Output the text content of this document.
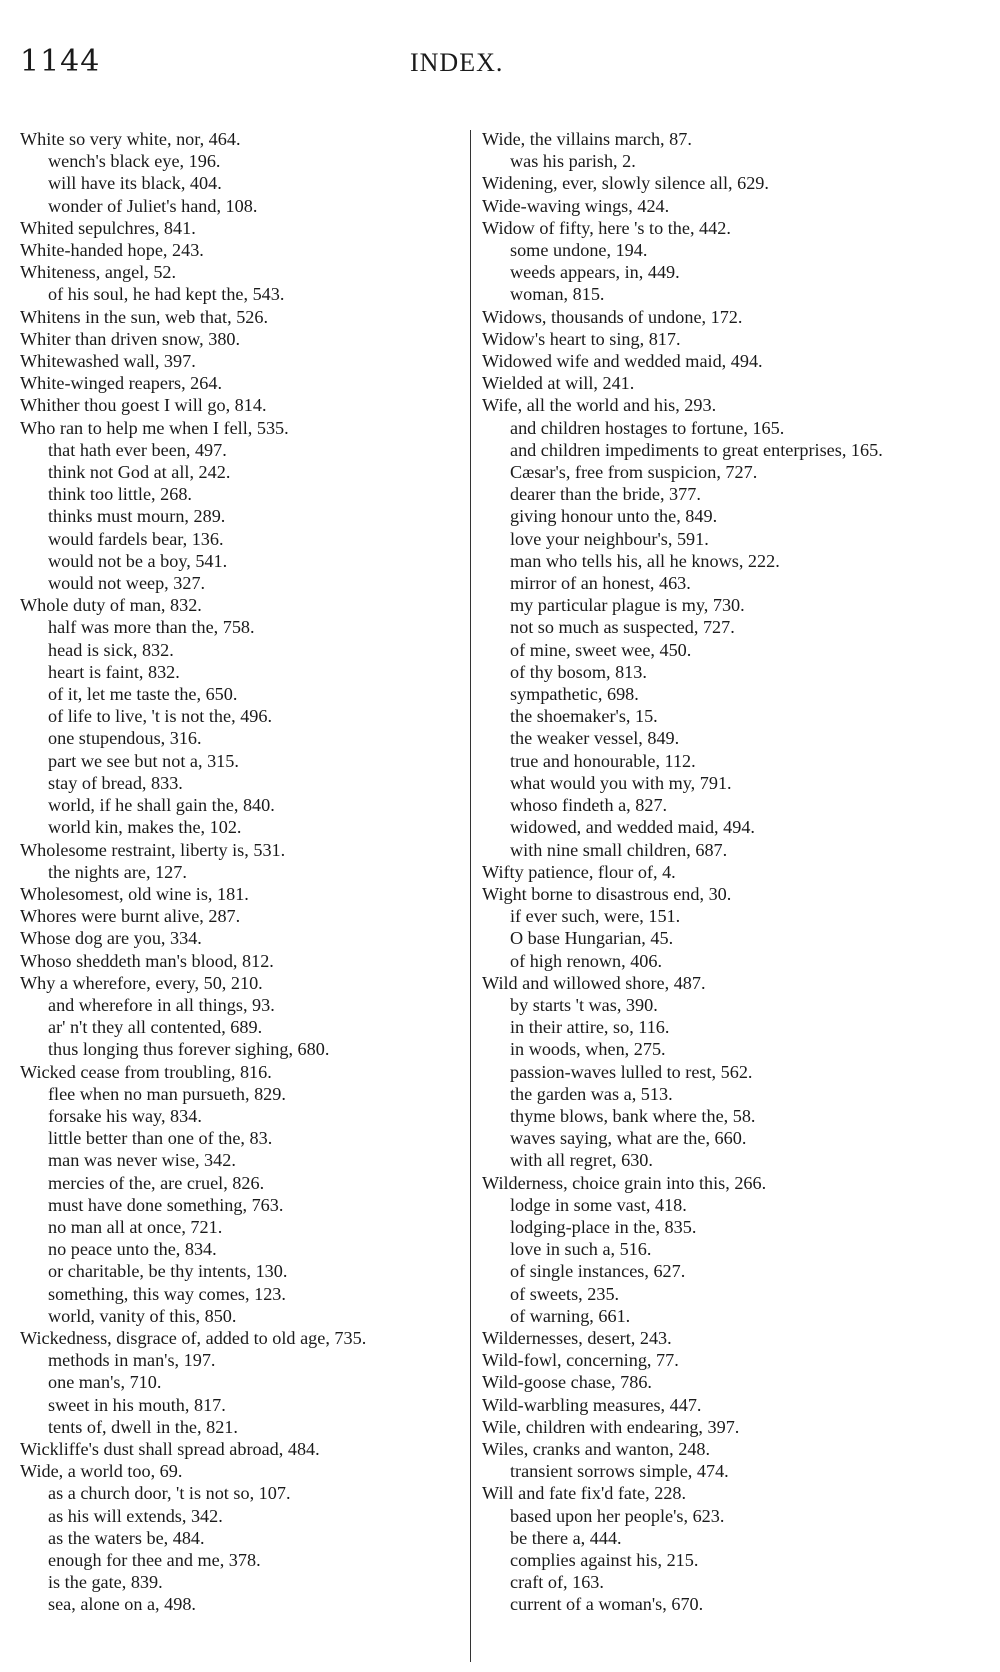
1144	INDEX.
White so very white, nor, 464.
wench's black eye, 196.
will have its black, 404.
wonder of Juliet's hand, 108.
Whited sepulchres, 841.
White-handed hope, 243.
Whiteness, angel, 52.
of his soul, he had kept the, 543.
Whitens in the sun, web that, 526.
Whiter than driven snow, 380.
Whitewashed wall, 397.
White-winged reapers, 264.
Whither thou goest I will go, 814.
Who ran to help me when I fell, 535.
that hath ever been, 497.
think not God at all, 242.
think too little, 268.
thinks must mourn, 289.
would fardels bear, 136.
would not be a boy, 541.
would not weep, 327.
Whole duty of man, 832.
half was more than the, 758.
head is sick, 832.
heart is faint, 832.
of it, let me taste the, 650.
of life to live, 't is not the, 496.
one stupendous, 316.
part we see but not a, 315.
stay of bread, 833.
world, if he shall gain the, 840.
world kin, makes the, 102.
Wholesome restraint, liberty is, 531.
the nights are, 127.
Wholesomest, old wine is, 181.
Whores were burnt alive, 287.
Whose dog are you, 334.
Whoso sheddeth man's blood, 812.
Why a wherefore, every, 50, 210.
and wherefore in all things, 93.
ar' n't they all contented, 689.
thus longing thus forever sighing, 680.
Wicked cease from troubling, 816.
flee when no man pursueth, 829.
forsake his way, 834.
little better than one of the, 83.
man was never wise, 342.
mercies of the, are cruel, 826.
must have done something, 763.
no man all at once, 721.
no peace unto the, 834.
or charitable, be thy intents, 130.
something, this way comes, 123.
world, vanity of this, 850.
Wickedness, disgrace of, added to old age, 735.
methods in man's, 197.
one man's, 710.
sweet in his mouth, 817.
tents of, dwell in the, 821.
Wickliffe's dust shall spread abroad, 484.
Wide, a world too, 69.
as a church door, 't is not so, 107.
as his will extends, 342.
as the waters be, 484.
enough for thee and me, 378.
is the gate, 839.
sea, alone on a, 498.
Wide, the villains march, 87.
was his parish, 2.
Widening, ever, slowly silence all, 629.
Wide-waving wings, 424.
Widow of fifty, here 's to the, 442.
some undone, 194.
weeds appears, in, 449.
woman, 815.
Widows, thousands of undone, 172.
Widow's heart to sing, 817.
Widowed wife and wedded maid, 494.
Wielded at will, 241.
Wife, all the world and his, 293.
and children hostages to fortune, 165.
and children impediments to great enterprises, 165.
Cæsar's, free from suspicion, 727.
dearer than the bride, 377.
giving honour unto the, 849.
love your neighbour's, 591.
man who tells his, all he knows, 222.
mirror of an honest, 463.
my particular plague is my, 730.
not so much as suspected, 727.
of mine, sweet wee, 450.
of thy bosom, 813.
sympathetic, 698.
the shoemaker's, 15.
the weaker vessel, 849.
true and honourable, 112.
what would you with my, 791.
whoso findeth a, 827.
widowed, and wedded maid, 494.
with nine small children, 687.
Wifty patience, flour of, 4.
Wight borne to disastrous end, 30.
if ever such, were, 151.
O base Hungarian, 45.
of high renown, 406.
Wild and willowed shore, 487.
by starts 't was, 390.
in their attire, so, 116.
in woods, when, 275.
passion-waves lulled to rest, 562.
the garden was a, 513.
thyme blows, bank where the, 58.
waves saying, what are the, 660.
with all regret, 630.
Wilderness, choice grain into this, 266.
lodge in some vast, 418.
lodging-place in the, 835.
love in such a, 516.
of single instances, 627.
of sweets, 235.
of warning, 661.
Wildernesses, desert, 243.
Wild-fowl, concerning, 77.
Wild-goose chase, 786.
Wild-warbling measures, 447.
Wile, children with endearing, 397.
Wiles, cranks and wanton, 248.
transient sorrows simple, 474.
Will and fate fix'd fate, 228.
based upon her people's, 623.
be there a, 444.
complies against his, 215.
craft of, 163.
current of a woman's, 670.
